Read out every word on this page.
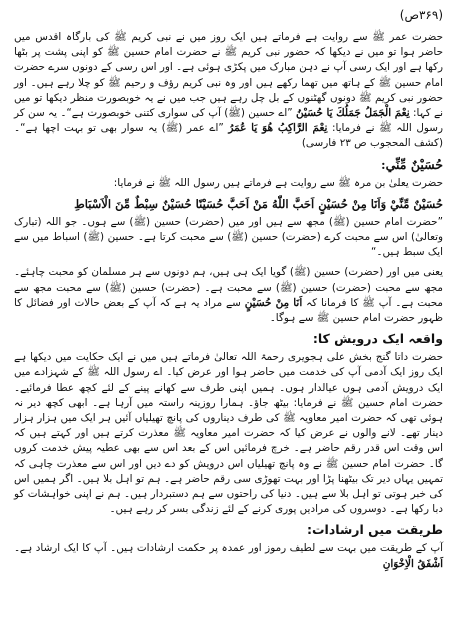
(۳۶۹ص)

حضرت عمر ﷺ سے روایت ہے فرماتے ہیں ایک روز میں نے نبی کریم ﷺ کی بارگاہ اقدس میں حاضر ہوا تو میں نے دیکھا کہ حضور نبی کریم ﷺ نے حضرت امام حسین ﷺ کو اپنی پشت پر بٹھا رکھا ہے اور ایک رسی آپ نے دہن مبارک میں پکڑی ہوئی ہے۔ اور اس رسی کے دونوں سرے حضرت امام حسین ﷺ کے ہاتھ میں تھما رکھے ہیں اور وہ نبی کریم رؤف و رحیم ﷺ کو چلا رہے ہیں۔ اور حضور نبی کریم ﷺ دونوں گھٹنوں کے بل چل رہے ہیں جب میں نے یہ خوبصورت منظر دیکھا تو میں نے کہا: نِعْمَ الْجَمَلُ جَمَلُكَ يَا حُسَيْنُ ”اے حسین (ﷺ) آپ کی سواری کتنی خوبصورت ہے“۔ یہ سن کر رسول اللہ ﷺ نے فرمایا: نِعْمَ الرَّاكِبُ هُوَ يَا عُمَرُ ”اے عمر (ﷺ) یہ سوار بھی تو بہت اچھا ہے“۔ (کشف المحجوب ص ۲۳ فارسی)

حُسَيْنٌ مِّنِّي:

حضرت یعلیٰ بن مرہ ﷺ سے روایت ہے فرماتے ہیں رسول اللہ ﷺ نے فرمایا:

حُسَيْنٌ مِّنِّيْ وَاَنَا مِنْ حُسَيْنٍ اَحَبَّ اللّٰهُ مَنْ اَحَبَّ حُسَيْنًا حُسَيْنٌ سِبْطٌ مِّنَ الْاَسْبَاطِ

”حضرت امام حسین (ﷺ) مجھ سے ہیں اور میں (حضرت) حسین (ﷺ) سے ہوں۔ جو اللہ (تبارک وتعالیٰ) اس سے محبت کرے (حضرت) حسین (ﷺ) سے محبت کرتا ہے۔ حسین (ﷺ) اسباط میں سے ایک سبط ہیں۔“

یعنی میں اور (حضرت) حسین (ﷺ) گویا ایک ہی ہیں، ہم دونوں سے ہر مسلمان کو محبت چاہئے۔ مجھ سے محبت (حضرت) حسین (ﷺ) سے محبت ہے۔ (حضرت) حسین (ﷺ) سے محبت مجھ سے محبت ہے۔ آپ ﷺ کا فرمانا کہ اَنَا مِنْ حُسَيْنٍ سے مراد یہ ہے کہ آپ کے بعض حالات اور فضائل کا ظہور حضرت امام حسین ﷺ سے ہوگا۔

واقعہ ایک درویش کا:

حضرت داتا گنج بخش علی ہجویری رحمۃ اللہ تعالیٰ فرماتے ہیں میں نے ایک حکایت میں دیکھا ہے ایک روز ایک آدمی آپ کی خدمت میں حاضر ہوا اور عرض کیا۔ اے رسول اللہ ﷺ کے شہزادے میں ایک درویش آدمی ہوں عیالدار ہوں۔ ہمیں اپنی طرف سے کھانے پینے کے لئے کچھ عطا فرمائیے۔ حضرت امام حسین ﷺ نے فرمایا: بیٹھ جاؤ۔ ہمارا روزینہ راستہ میں آرہا ہے۔ ابھی کچھ دیر نہ ہوئی تھی کہ حضرت امیر معاویہ ﷺ کی طرف دیناروں کی پانچ تھیلیاں آئیں ہر ایک میں ہزار ہزار دینار تھے۔ لانے والوں نے عرض کیا کہ حضرت امیر معاویہ ﷺ معذرت کرتے ہیں اور کہتے ہیں کہ اس وقت اس قدر رقم حاضر ہے۔ خرچ فرمائیں اس کے بعد اس سے بھی عطیہ پیش خدمت کروں گا۔ حضرت امام حسین ﷺ نے وہ پانچ تھیلیاں اس درویش کو دے دیں اور اس سے معذرت چاہی کہ تمہیں یہاں دیر تک بیٹھنا پڑا اور بہت تھوڑی سی رقم حاضر ہے۔ ہم تو اہل بلا ہیں۔ اگر ہمیں اس کی خبر ہوتی تو اہل بلا سے ہیں۔ دنیا کی راحتوں سے ہم دستبردار ہیں۔ ہم نے اپنی خواہشات کو دبا رکھا ہے۔ دوسروں کی مرادیں پوری کرنے کے لئے زندگی بسر کر رہے ہیں۔

طریقت میں ارشادات:

آپ کے طریقت میں بہت سے لطیف رموز اور عمدہ پر حکمت ارشادات ہیں۔ آپ کا ایک ارشاد ہے۔ اَشْفَقُ الْاِخْوَانِ
